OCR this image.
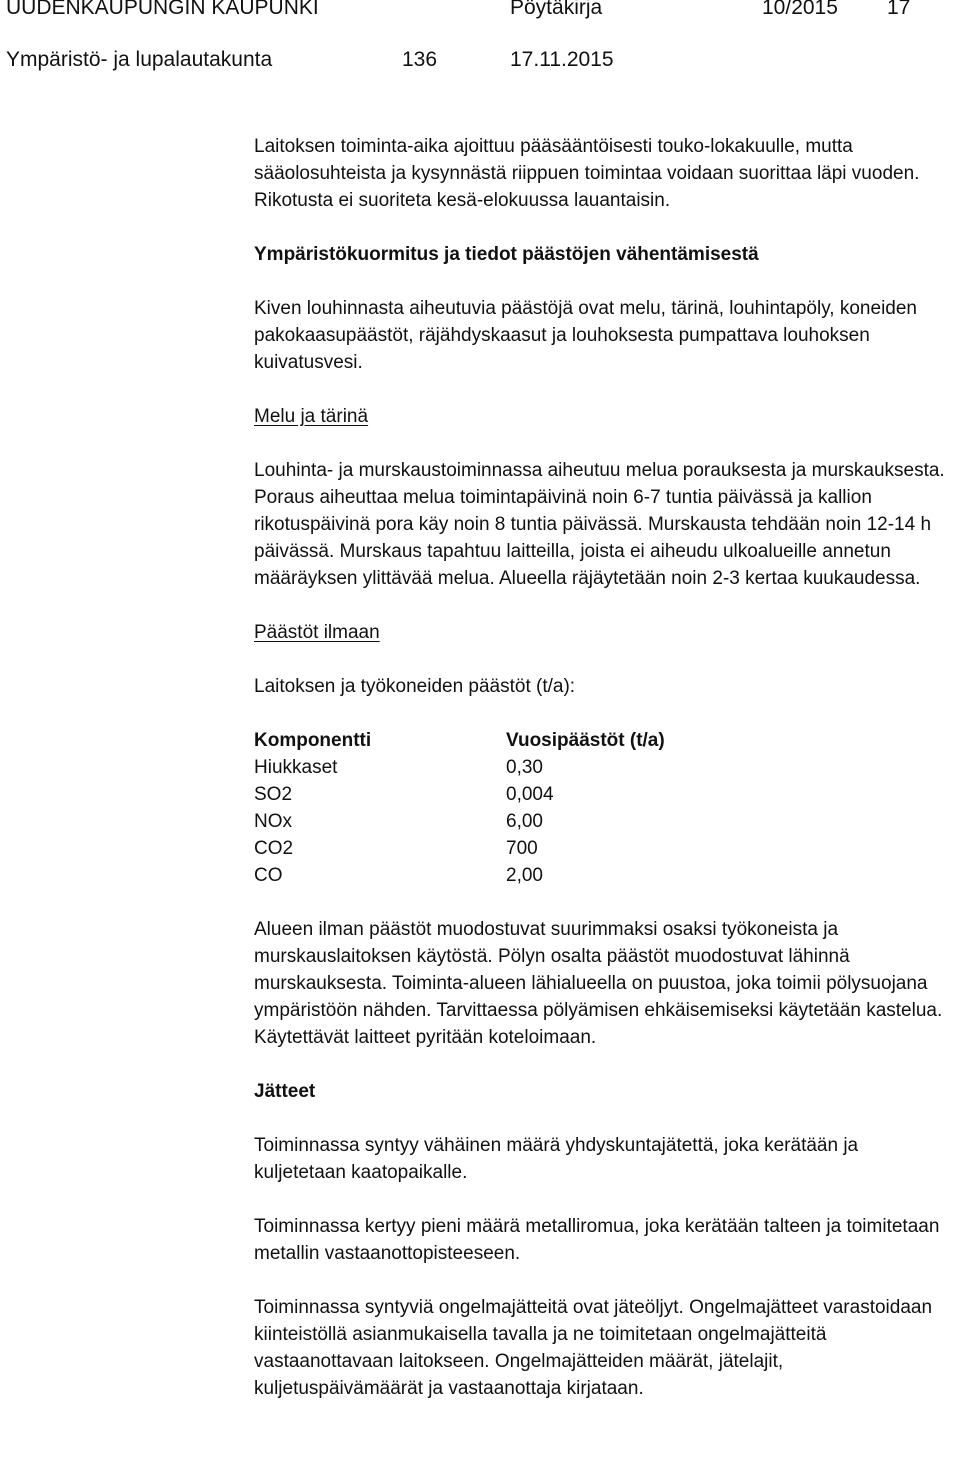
UUDENKAUPUNGIN KAUPUNKI	Pöytäkirja	10/2015 17
Ympäristö- ja lupalautakunta	136	17.11.2015

Laitoksen toiminta-aika ajoittuu pääsääntöisesti touko-lokakuulle, mutta sääolosuhteista ja kysynnästä riippuen toimintaa voidaan suorittaa läpi vuoden. Rikotusta ei suoriteta kesä-elokuussa lauantaisin.

Ympäristökuormitus ja tiedot päästöjen vähentämisestä

Kiven louhinnasta aiheutuvia päästöjä ovat melu, tärinä, louhintapöly, koneiden pakokaasupäästöt, räjähdyskaasut ja louhoksesta pumpattava louhoksen kuivatusvesi.

Melu ja tärinä

Louhinta- ja murskaustoiminnassa aiheutuu melua porauksesta ja murskauksesta. Poraus aiheuttaa melua toimintapäivinä noin 6-7 tuntia päivässä ja kallion rikotuspäivinä pora käy noin 8 tuntia päivässä. Murskausta tehdään noin 12-14 h päivässä. Murskaus tapahtuu laitteilla, joista ei aiheudu ulkoalueille annetun määräyksen ylittävää melua. Alueella räjäytetään noin 2-3 kertaa kuukaudessa.

Päästöt ilmaan

Laitoksen ja työkoneiden päästöt (t/a):

Komponentti	Vuosipäästöt (t/a)
Hiukkaset	0,30
SO2	0,004
NOx	6,00
CO2	700
CO	2,00

Alueen ilman päästöt muodostuvat suurimmaksi osaksi työkoneista ja murskauslaitoksen käytöstä. Pölyn osalta päästöt muodostuvat lähinnä murskauksesta. Toiminta-alueen lähialueella on puustoa, joka toimii pölysuojana ympäristöön nähden. Tarvittaessa pölyämisen ehkäisemiseksi käytetään kastelua. Käytettävät laitteet pyritään koteloimaan.

Jätteet

Toiminnassa syntyy vähäinen määrä yhdyskuntajätettä, joka kerätään ja kuljetetaan kaatopaikalle.

Toiminnassa kertyy pieni määrä metalliromua, joka kerätään talteen ja toimitetaan metallin vastaanottopisteeseen.

Toiminnassa syntyviä ongelmajätteitä ovat jäteöljyt. Ongelmajätteet varastoidaan kiinteistöllä asianmukaisella tavalla ja ne toimitetaan ongelmajätteitä vastaanottavaan laitokseen. Ongelmajätteiden määrät, jätelajit, kuljetuspäivämäärät ja vastaanottaja kirjataan.
